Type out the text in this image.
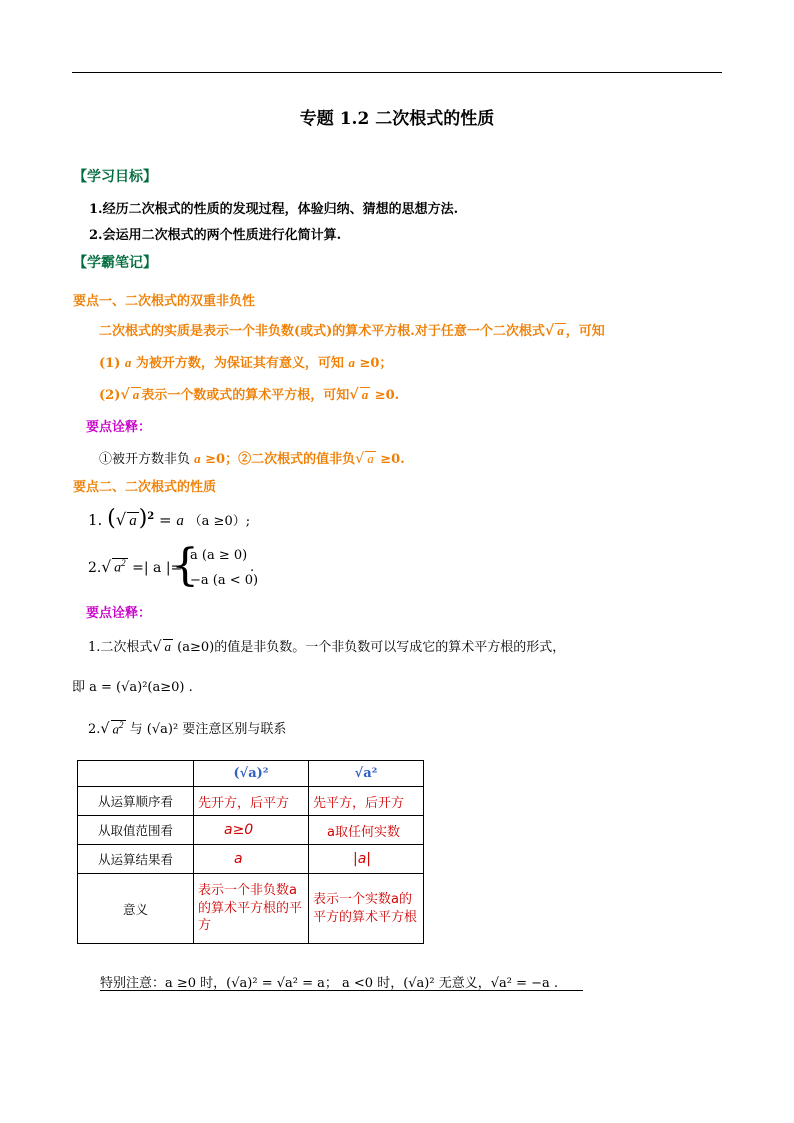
专题 1.2 二次根式的性质
【学习目标】
1.经历二次根式的性质的发现过程，体验归纳、猜想的思想方法.
2.会运用二次根式的两个性质进行化简计算.
【学霸笔记】
要点一、二次根式的双重非负性
二次根式的实质是表示一个非负数(或式)的算术平方根.对于任意一个二次根式√ a ，可知
(1) a 为被开方数，为保证其有意义，可知 a ≥0；
(2)√ a 表示一个数或式的算术平方根，可知√ a ≥0.
要点诠释：
①被开方数非负 a ≥0；②二次根式的值非负√ a ≥0.
要点二、二次根式的性质
1. (√ a)$^2$ = a （a ≥0）;
2.√ $a^2$ =| a |=
{
a (a ≥ 0)
−a (a < 0)
.
要点诠释：
1.二次根式√ a (a≥0)的值是非负数。一个非负数可以写成它的算术平方根的形式，
即 a = (√a)²(a≥0) .
2.√ $a^2$ 与 (√a)² 要注意区别与联系
	(√a)²	√a²
从运算顺序看	先开方，后平方	先平方，后开方
从取值范围看	a≥0	a取任何实数
从运算结果看	a	|a|
意义	表示一个非负数a的算术平方根的平方	表示一个实数a的平方的算术平方根
特别注意：a ≥0 时，(√a)² = √a² = a； a <0 时，(√a)² 无意义，√a² = −a .
